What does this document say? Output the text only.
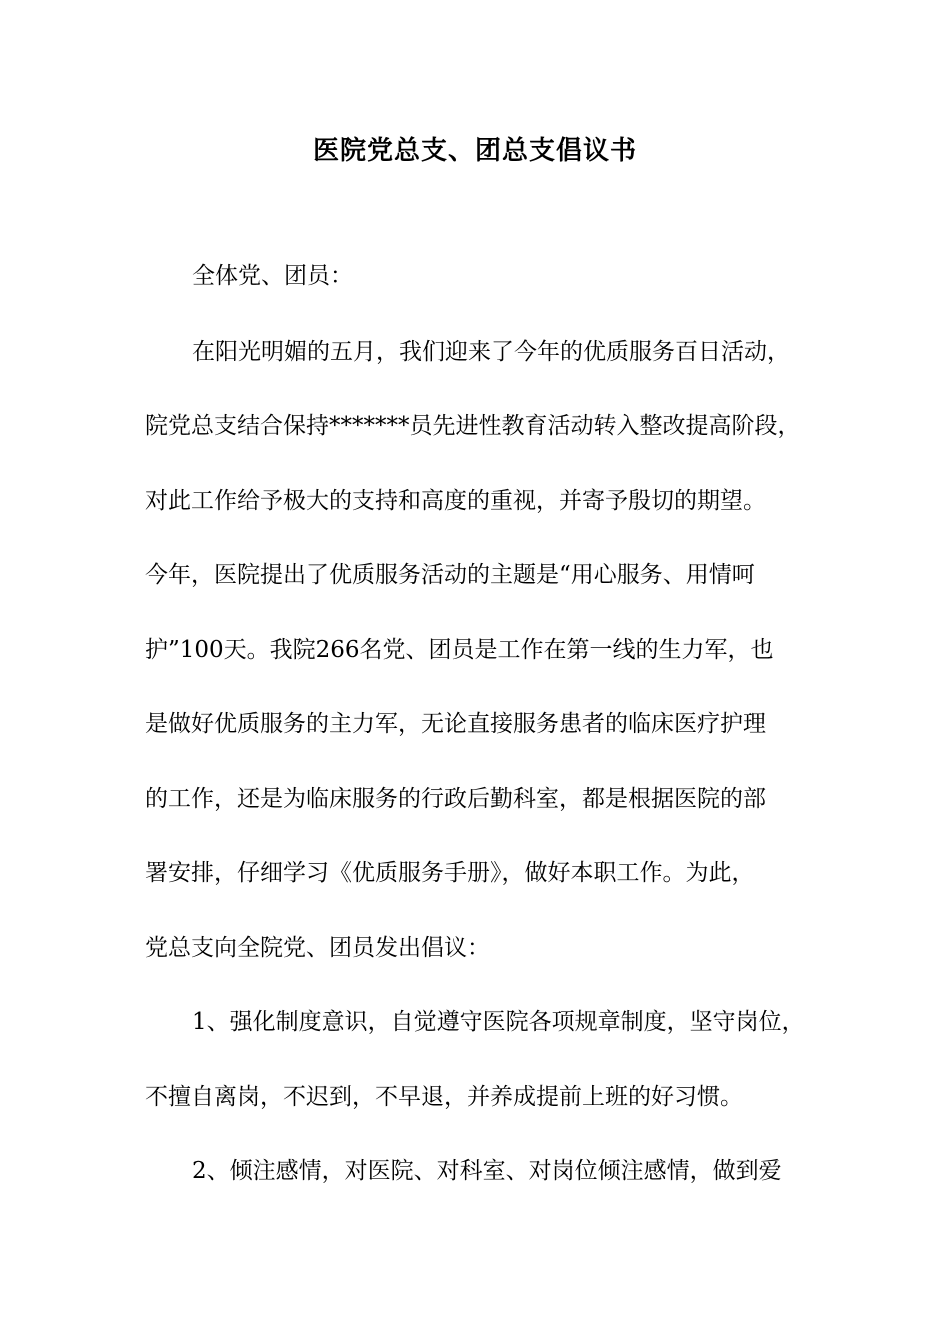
医院党总支、团总支倡议书
全体党、团员：
在阳光明媚的五月，我们迎来了今年的优质服务百日活动，
院党总支结合保持*******员先进性教育活动转入整改提高阶段，
对此工作给予极大的支持和高度的重视，并寄予殷切的期望。
今年，医院提出了优质服务活动的主题是“用心服务、用情呵
护”100天。我院266名党、团员是工作在第一线的生力军，也
是做好优质服务的主力军，无论直接服务患者的临床医疗护理
的工作，还是为临床服务的行政后勤科室，都是根据医院的部
署安排，仔细学习《优质服务手册》，做好本职工作。为此，
党总支向全院党、团员发出倡议：
1、强化制度意识，自觉遵守医院各项规章制度，坚守岗位，
不擅自离岗，不迟到，不早退，并养成提前上班的好习惯。
2、倾注感情，对医院、对科室、对岗位倾注感情，做到爱
